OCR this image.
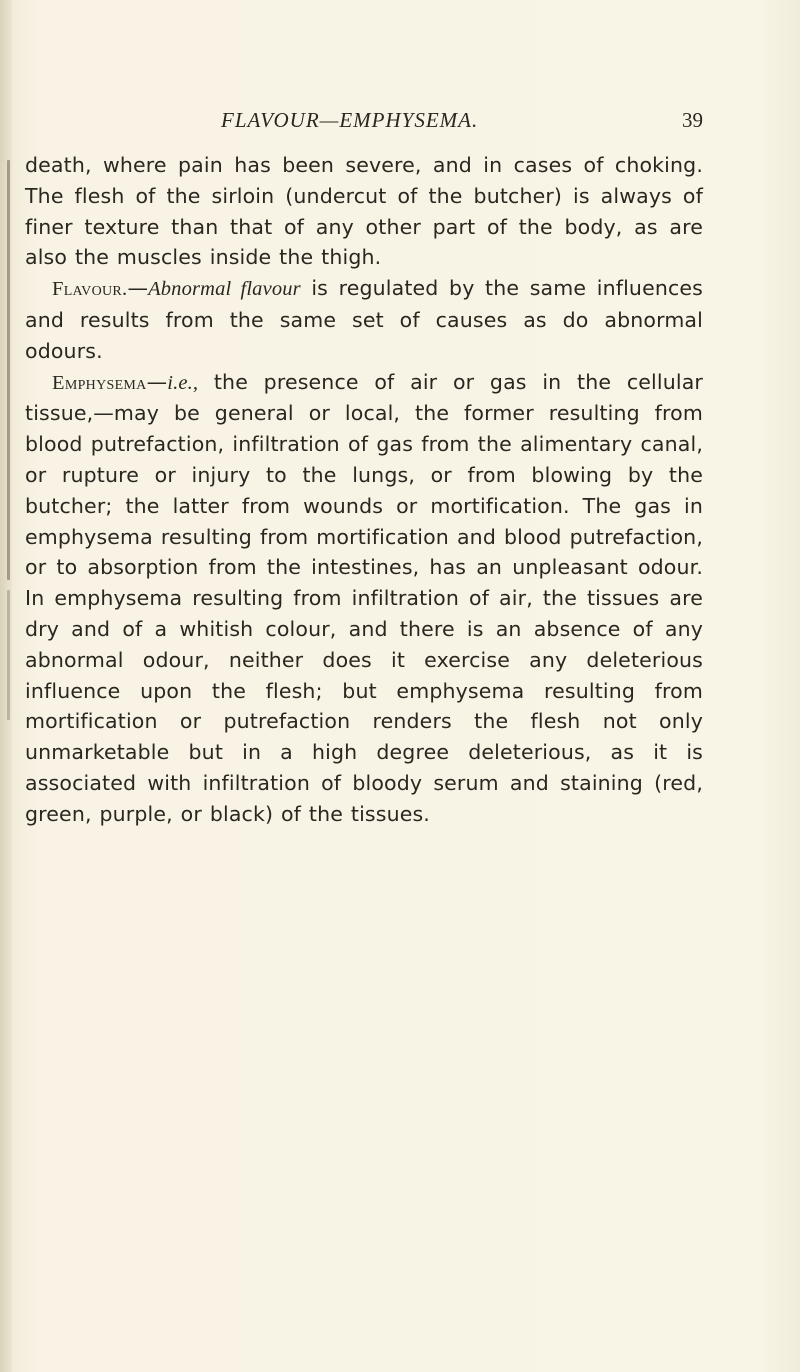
FLAVOUR—EMPHYSEMA.	39

death, where pain has been severe, and in cases of choking. The flesh of the sirloin (undercut of the butcher) is always of finer texture than that of any other part of the body, as are also the muscles inside the thigh.

Flavour.—Abnormal flavour is regulated by the same influences and results from the same set of causes as do abnormal odours.

Emphysema—i.e., the presence of air or gas in the cellular tissue,—may be general or local, the former resulting from blood putrefaction, infiltration of gas from the alimentary canal, or rupture or injury to the lungs, or from blowing by the butcher; the latter from wounds or mortification. The gas in emphysema resulting from mortification and blood putrefaction, or to absorption from the intestines, has an unpleasant odour. In emphysema resulting from infiltration of air, the tissues are dry and of a whitish colour, and there is an absence of any abnormal odour, neither does it exercise any deleterious influence upon the flesh; but emphysema resulting from mortification or putrefaction renders the flesh not only unmarketable but in a high degree deleterious, as it is associated with infiltration of bloody serum and staining (red, green, purple, or black) of the tissues.
